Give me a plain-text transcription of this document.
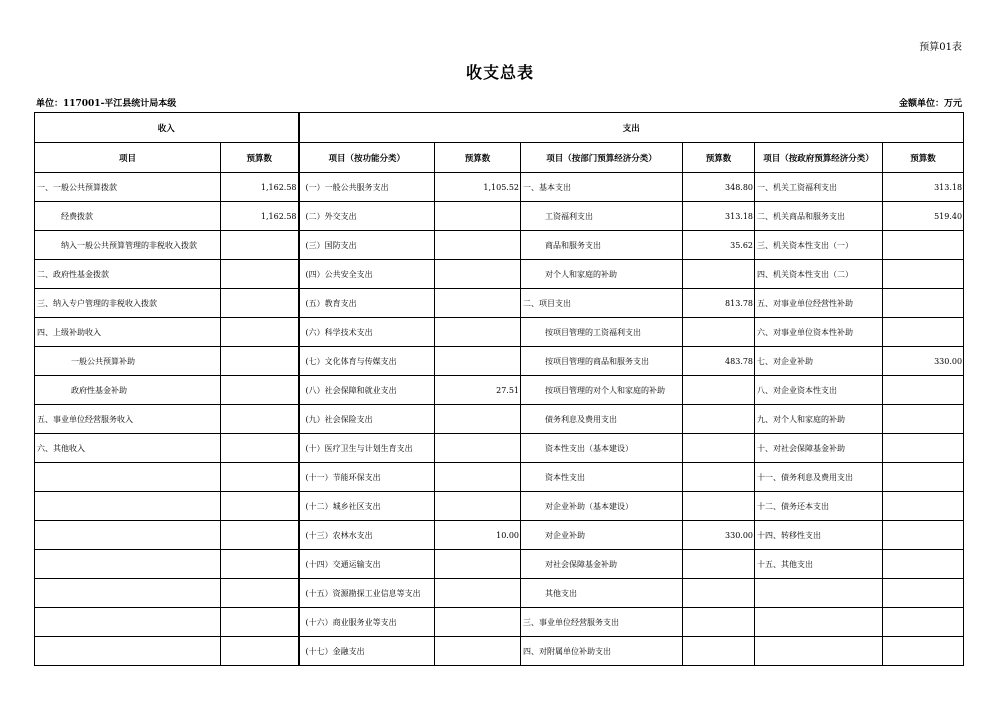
预算01表
收支总表
单位：117001-平江县统计局本级	金额单位：万元
收入		支出					
项目	预算数	项目（按功能分类）	预算数	项目（按部门预算经济分类）	预算数	项目（按政府预算经济分类）	预算数
一、一般公共预算拨款	1,162.58	(一）一般公共服务支出	1,105.52	一、基本支出	348.80	一、机关工资福利支出	313.18
经费拨款	1,162.58	(二）外交支出		工资福利支出	313.18	二、机关商品和服务支出	519.40
纳入一般公共预算管理的非税收入拨款		(三）国防支出		商品和服务支出	35.62	三、机关资本性支出（一）	
二、政府性基金拨款		(四）公共安全支出		对个人和家庭的补助		四、机关资本性支出（二）	
三、纳入专户管理的非税收入拨款		(五）教育支出		二、项目支出	813.78	五、对事业单位经营性补助	
四、上级补助收入		(六）科学技术支出		按项目管理的工资福利支出		六、对事业单位资本性补助	
一般公共预算补助		(七）文化体育与传媒支出		按项目管理的商品和服务支出	483.78	七、对企业补助	330.00
政府性基金补助		(八）社会保障和就业支出	27.51	按项目管理的对个人和家庭的补助		八、对企业资本性支出	
五、事业单位经营服务收入		(九）社会保险支出		债务利息及费用支出		九、对个人和家庭的补助	
六、其他收入		(十）医疗卫生与计划生育支出		资本性支出（基本建设）		十、对社会保障基金补助	
		(十一）节能环保支出		资本性支出		十一、债务利息及费用支出	
		(十二）城乡社区支出		对企业补助（基本建设）		十二、债务还本支出	
		(十三）农林水支出	10.00	对企业补助	330.00	十四、转移性支出	
		(十四）交通运输支出		对社会保障基金补助		十五、其他支出	
		(十五）资源勘探工业信息等支出		其他支出			
		(十六）商业服务业等支出		三、事业单位经营服务支出			
		(十七）金融支出		四、对附属单位补助支出			
